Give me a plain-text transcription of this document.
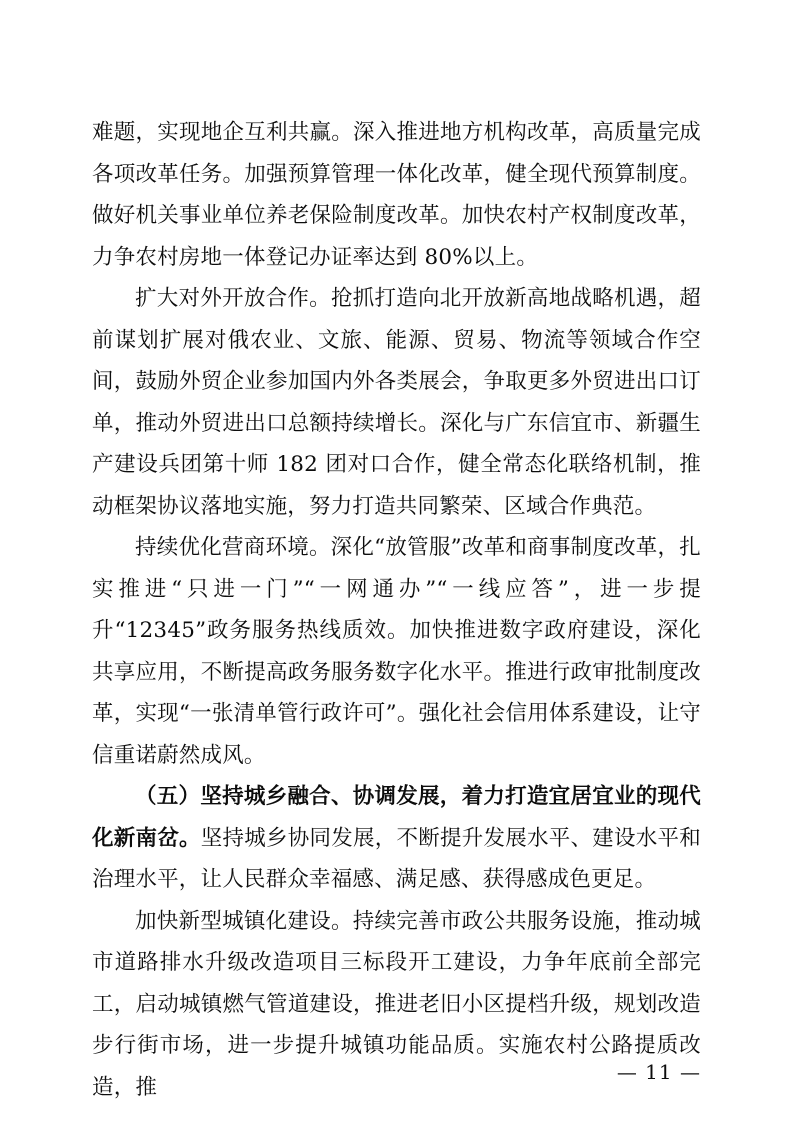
难题，实现地企互利共赢。深入推进地方机构改革，高质量完成各项改革任务。加强预算管理一体化改革，健全现代预算制度。做好机关事业单位养老保险制度改革。加快农村产权制度改革，力争农村房地一体登记办证率达到 80%以上。

扩大对外开放合作。抢抓打造向北开放新高地战略机遇，超前谋划扩展对俄农业、文旅、能源、贸易、物流等领域合作空间，鼓励外贸企业参加国内外各类展会，争取更多外贸进出口订单，推动外贸进出口总额持续增长。深化与广东信宜市、新疆生产建设兵团第十师 182 团对口合作，健全常态化联络机制，推动框架协议落地实施，努力打造共同繁荣、区域合作典范。

持续优化营商环境。深化“放管服”改革和商事制度改革，扎实推进“只进一门”“一网通办”“一线应答”，进一步提升“12345”政务服务热线质效。加快推进数字政府建设，深化共享应用，不断提高政务服务数字化水平。推进行政审批制度改革，实现“一张清单管行政许可”。强化社会信用体系建设，让守信重诺蔚然成风。

（五）坚持城乡融合、协调发展，着力打造宜居宜业的现代化新南岔。坚持城乡协同发展，不断提升发展水平、建设水平和治理水平，让人民群众幸福感、满足感、获得感成色更足。

加快新型城镇化建设。持续完善市政公共服务设施，推动城市道路排水升级改造项目三标段开工建设，力争年底前全部完工，启动城镇燃气管道建设，推进老旧小区提档升级，规划改造步行街市场，进一步提升城镇功能品质。实施农村公路提质改造，推

— 11 —
